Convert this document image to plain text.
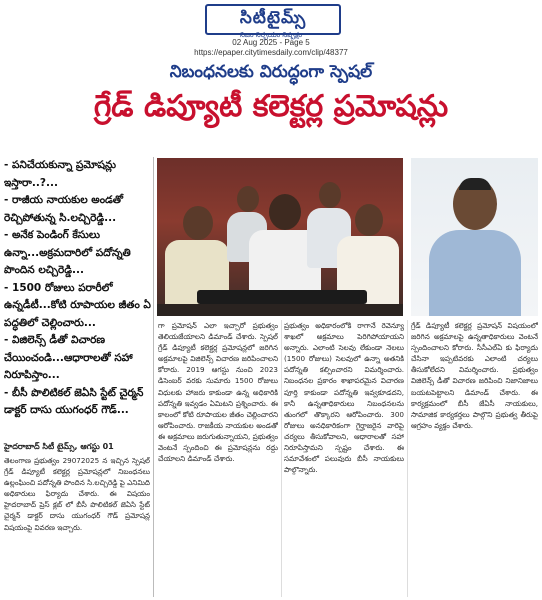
సిటీటైమ్స్
నిజం నిర్భయం నిష్పక్షం
02 Aug 2025 - Page 5
https://epaper.citytimesdaily.com/clip/48377
నిబంధనలకు విరుద్ధంగా స్పెషల్
గ్రేడ్ డిప్యూటీ కలెక్టర్ల ప్రమోషన్లు

- పనిచేయకున్నా ప్రమోషన్లు ఇస్తారా..?...

- రాజీయ నాయకుల అండతో రెచ్చిపోతున్న సి.లచ్చిరెడ్డి...

- అనేక పెండింగ్ కేసులు ఉన్నా...అక్రమదారిలో పదోన్నతి పొందిన లచ్చిరెడ్డి...

- 1500 రోజులు పరారీలో ఉన్నడీటీ...కోటి రూపాయల జీతం ఏ పద్ధతిలో చెల్లించారు...

- విజిలెన్స్ డీతో విచారణ చేయించండి...ఆధారాలతో సహా నిరూపిస్తాం...

- బీసీ పొలిటికల్ జెఏసి స్టేట్ చైర్మన్ డాక్టర్ దాసు యుగంధర్ గౌడ్...

హైదరాబాద్ సిటీ టైమ్స్, ఆగస్టు 01
తెలంగాణ ప్రభుత్వం 29072025 న ఇచ్చిన స్పెషల్ గ్రేడ్ డిప్యూటీ కలెక్టర్ల ప్రమోషన్లలో నిబంధనలు ఉల్లంఘించి పదోన్నతి పొందిన సి.లచ్చిరెడ్డి పై ఎనిమిది అధికారులు ఫిర్యాదు చేశారు. ఈ విషయం హైదరాబాద్ ప్రెస్ క్లబ్ లో బీసీ పొలిటికల్ జెఏసి స్టేట్ చైర్మన్ డాక్టర్ దాసు యుగంధర్ గౌడ్ ప్రమోషన్ల విషయంపై వివరణ ఇచ్చారు.
గా ప్రమోషన్ ఎలా ఇచ్చారో ప్రభుత్వం తెలియజేయాలని డిమాండ్ చేశారు. స్పెషల్ గ్రేడ్ డిప్యూటీ కలెక్టర్ల ప్రమోషన్లలో జరిగిన అక్రమాలపై విజిలెన్స్ విచారణ జరిపించాలని కోరారు. 2019 ఆగస్టు నుంచి 2023 డిసెంబర్ వరకు సుమారు 1500 రోజులు విధులకు హాజరు కాకుండా ఉన్న అధికారికి పదోన్నతి ఇవ్వడం ఏమిటని ప్రశ్నించారు. ఈ కాలంలో కోటి రూపాయల జీతం చెల్లించారని ఆరోపించారు. రాజకీయ నాయకుల అండతో ఈ అక్రమాలు జరుగుతున్నాయని, ప్రభుత్వం వెంటనే స్పందించి ఈ ప్రమోషన్లను రద్దు చేయాలని డిమాండ్ చేశారు.
ప్రభుత్వం అధికారంలోకి రాగానే రెవెన్యూ శాఖలో అక్రమాలు పెరిగిపోయాయని అన్నారు. ఎలాంటి సెలవు లేకుండా నెలలు (1500 రోజులు) సెలవులో ఉన్నా అతనికి పదోన్నతి కల్పించారని విమర్శించారు. నిబంధనల ప్రకారం శాఖాపరమైన విచారణ పూర్తి కాకుండా పదోన్నతి ఇవ్వకూడదని, కానీ ఉన్నతాధికారులు నిబంధనలను తుంగలో తొక్కారని ఆరోపించారు. 300 రోజులు అనధికారికంగా గైర్హాజరైన వారిపై చర్యలు తీసుకోవాలని, ఆధారాలతో సహా నిరూపిస్తామని స్పష్టం చేశారు. ఈ సమావేశంలో పలువురు బీసీ నాయకులు పాల్గొన్నారు.
గ్రేడ్ డిప్యూటీ కలెక్టర్ల ప్రమోషన్ విషయంలో జరిగిన అక్రమాలపై ఉన్నతాధికారులు వెంటనే స్పందించాలని కోరారు. సీసీఎల్ఏ కు ఫిర్యాదు చేసినా ఇప్పటివరకు ఎలాంటి చర్యలు తీసుకోలేదని విమర్శించారు. ప్రభుత్వం విజిలెన్స్ డీతో విచారణ జరిపించి నిజానిజాలు బయటపెట్టాలని డిమాండ్ చేశారు. ఈ కార్యక్రమంలో బీసీ జేఏసీ నాయకులు, సామాజిక కార్యకర్తలు పాల్గొని ప్రభుత్వ తీరుపై ఆగ్రహం వ్యక్తం చేశారు.
